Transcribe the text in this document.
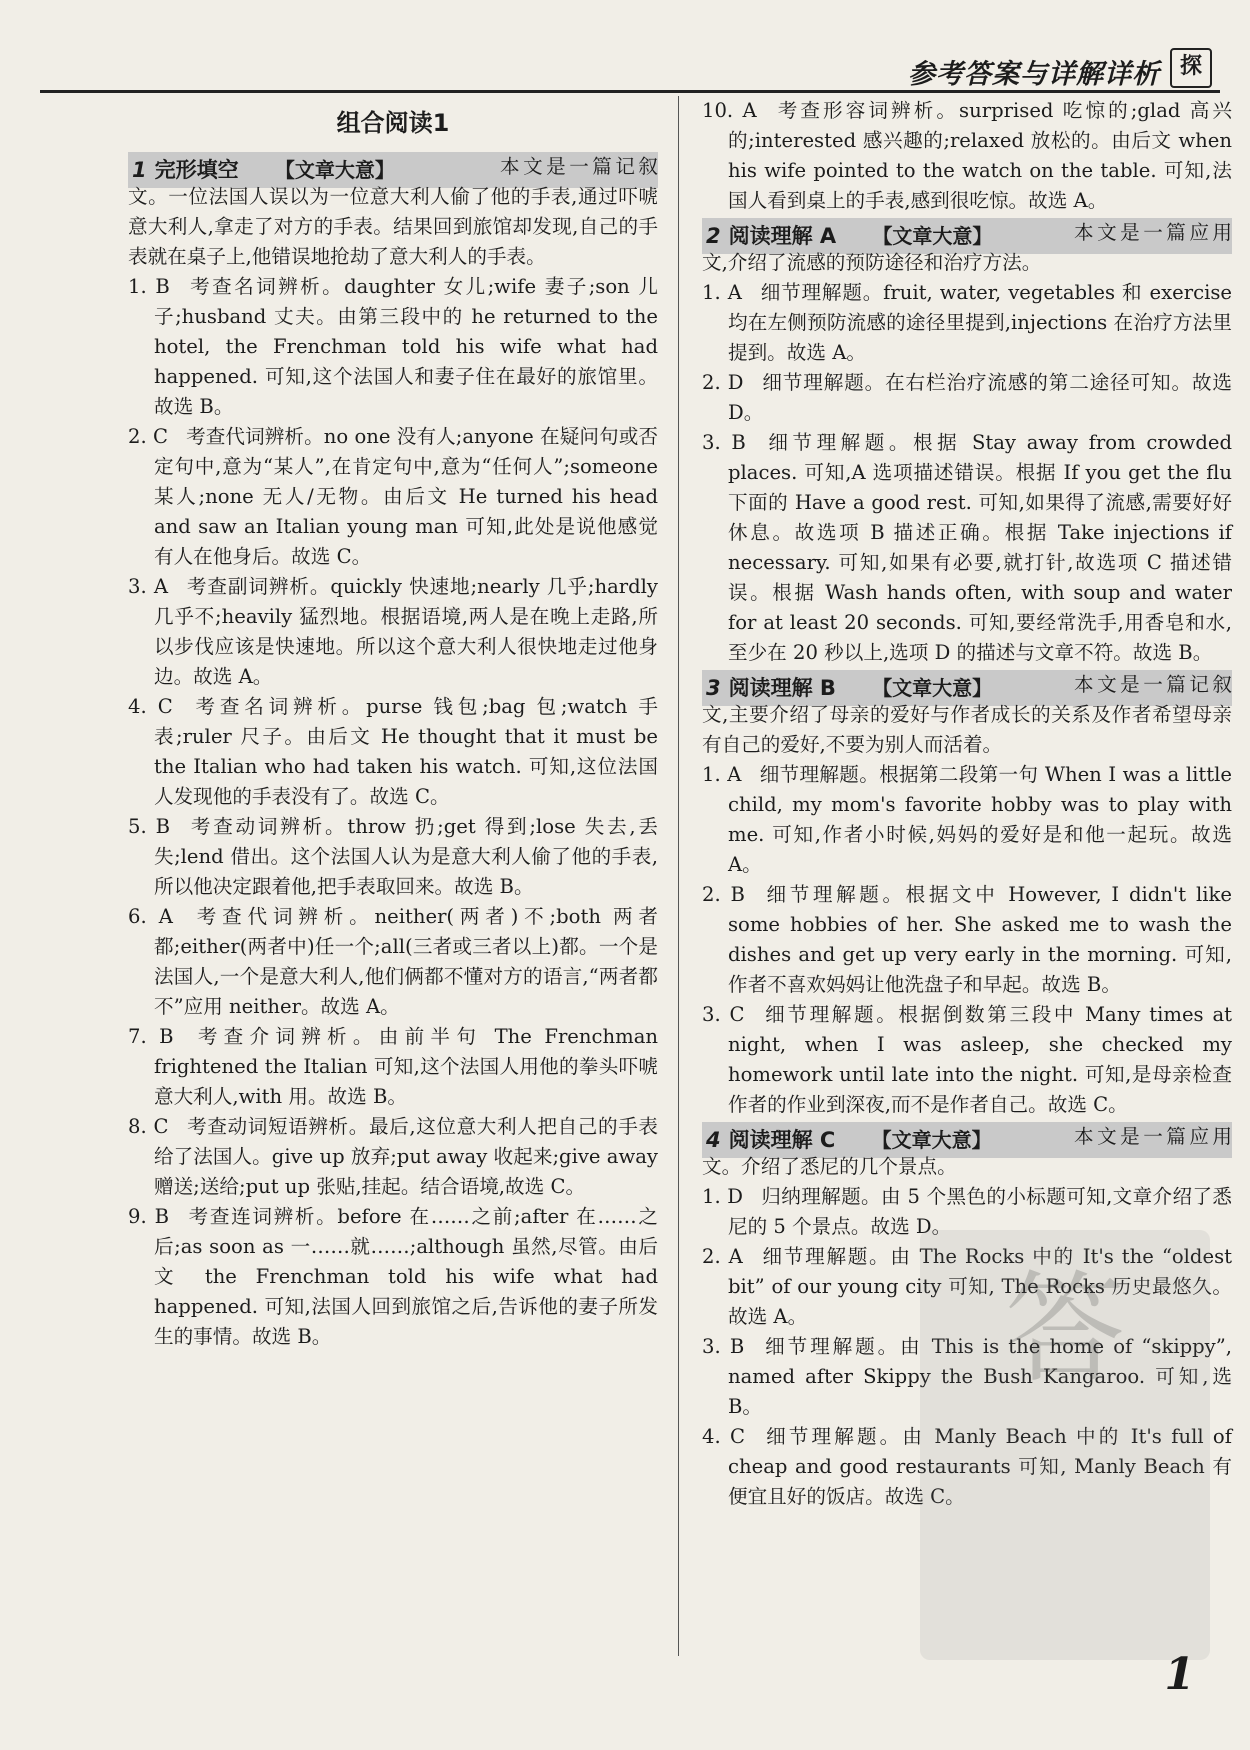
参考答案与详解详析 探
组合阅读1
1 完形填空 【文章大意】	本文是一篇记叙文。一位法国人误以为一位意大利人偷了他的手表,通过吓唬意大利人,拿走了对方的手表。结果回到旅馆却发现,自己的手表就在桌子上,他错误地抢劫了意大利人的手表。

1. B 考查名词辨析。daughter 女儿;wife 妻子;son 儿子;husband 丈夫。由第三段中的 he returned to the hotel, the Frenchman told his wife what had happened. 可知,这个法国人和妻子住在最好的旅馆里。故选 B。

2. C 考查代词辨析。no one 没有人;anyone 在疑问句或否定句中,意为“某人”,在肯定句中,意为“任何人”;someone 某人;none 无人/无物。由后文 He turned his head and saw an Italian young man 可知,此处是说他感觉有人在他身后。故选 C。

3. A 考查副词辨析。quickly 快速地;nearly 几乎;hardly 几乎不;heavily 猛烈地。根据语境,两人是在晚上走路,所以步伐应该是快速地。所以这个意大利人很快地走过他身边。故选 A。

4. C 考查名词辨析。purse 钱包;bag 包;watch 手表;ruler 尺子。由后文 He thought that it must be the Italian who had taken his watch. 可知,这位法国人发现他的手表没有了。故选 C。

5. B 考查动词辨析。throw 扔;get 得到;lose 失去,丢失;lend 借出。这个法国人认为是意大利人偷了他的手表,所以他决定跟着他,把手表取回来。故选 B。

6. A 考查代词辨析。neither(两者)不;both 两者都;either(两者中)任一个;all(三者或三者以上)都。一个是法国人,一个是意大利人,他们俩都不懂对方的语言,“两者都不”应用 neither。故选 A。

7. B 考查介词辨析。由前半句 The Frenchman frightened the Italian 可知,这个法国人用他的拳头吓唬意大利人,with 用。故选 B。

8. C 考查动词短语辨析。最后,这位意大利人把自己的手表给了法国人。give up 放弃;put away 收起来;give away 赠送;送给;put up 张贴,挂起。结合语境,故选 C。

9. B 考查连词辨析。before 在……之前;after 在……之后;as soon as 一……就……;although 虽然,尽管。由后文 the Frenchman told his wife what had happened. 可知,法国人回到旅馆之后,告诉他的妻子所发生的事情。故选 B。

10. A 考查形容词辨析。surprised 吃惊的;glad 高兴的;interested 感兴趣的;relaxed 放松的。由后文 when his wife pointed to the watch on the table. 可知,法国人看到桌上的手表,感到很吃惊。故选 A。

2 阅读理解 A 【文章大意】	本文是一篇应用文,介绍了流感的预防途径和治疗方法。

1. A 细节理解题。fruit, water, vegetables 和 exercise 均在左侧预防流感的途径里提到,injections 在治疗方法里提到。故选 A。

2. D 细节理解题。在右栏治疗流感的第二途径可知。故选 D。

3. B 细节理解题。根据 Stay away from crowded places. 可知,A 选项描述错误。根据 If you get the flu 下面的 Have a good rest. 可知,如果得了流感,需要好好休息。故选项 B 描述正确。根据 Take injections if necessary. 可知,如果有必要,就打针,故选项 C 描述错误。根据 Wash hands often, with soup and water for at least 20 seconds. 可知,要经常洗手,用香皂和水,至少在 20 秒以上,选项 D 的描述与文章不符。故选 B。

3 阅读理解 B 【文章大意】	本文是一篇记叙文,主要介绍了母亲的爱好与作者成长的关系及作者希望母亲有自己的爱好,不要为别人而活着。

1. A 细节理解题。根据第二段第一句 When I was a little child, my mom's favorite hobby was to play with me. 可知,作者小时候,妈妈的爱好是和他一起玩。故选 A。

2. B 细节理解题。根据文中 However, I didn't like some hobbies of her. She asked me to wash the dishes and get up very early in the morning. 可知,作者不喜欢妈妈让他洗盘子和早起。故选 B。

3. C 细节理解题。根据倒数第三段中 Many times at night, when I was asleep, she checked my homework until late into the night. 可知,是母亲检查作者的作业到深夜,而不是作者自己。故选 C。

4 阅读理解 C 【文章大意】	本文是一篇应用文。介绍了悉尼的几个景点。

1. D 归纳理解题。由 5 个黑色的小标题可知,文章介绍了悉尼的 5 个景点。故选 D。

2. A 细节理解题。由 The Rocks 中的 It's the “oldest bit” of our young city 可知, The Rocks 历史最悠久。故选 A。

3. B 细节理解题。由 This is the home of “skippy”, named after Skippy the Bush Kangaroo. 可知,选 B。

4. C 细节理解题。由 Manly Beach 中的 It's full of cheap and good restaurants 可知, Manly Beach 有便宜且好的饭店。故选 C。

答
1
